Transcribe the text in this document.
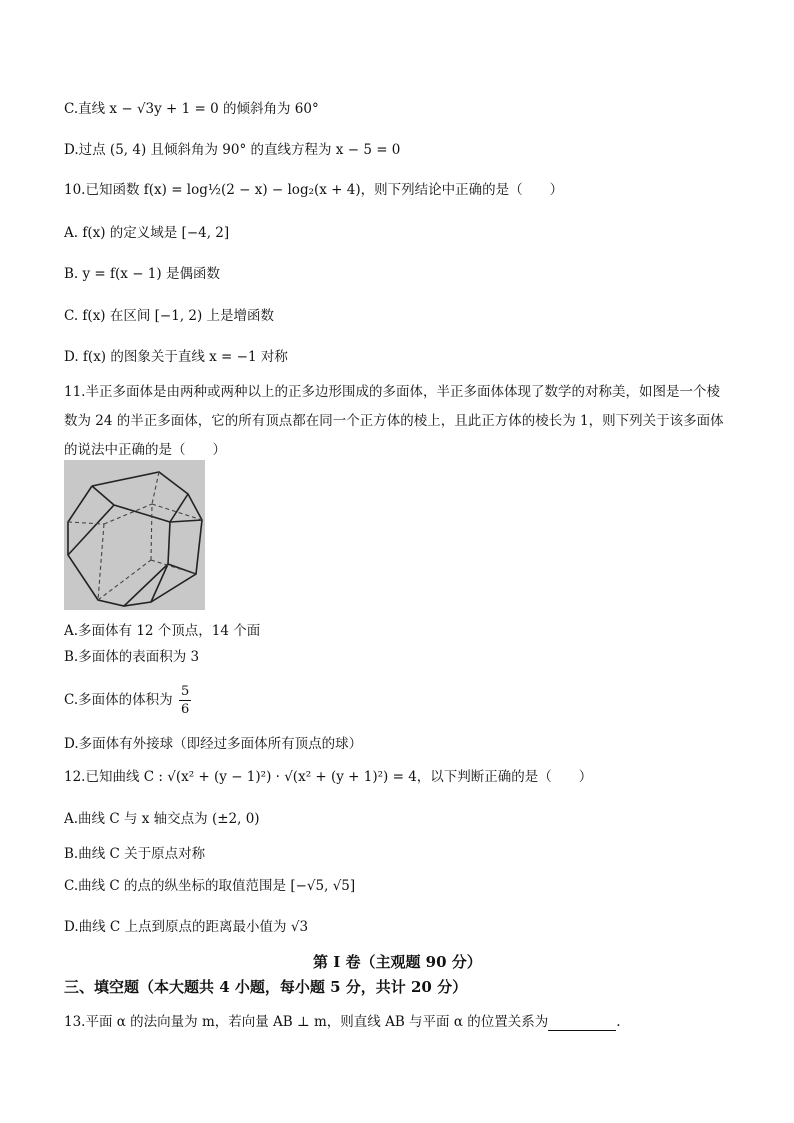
C.直线 x − √3y + 1 = 0 的倾斜角为 60°
D.过点 (5, 4) 且倾斜角为 90° 的直线方程为 x − 5 = 0
10.已知函数 f(x) = log½(2 − x) − log₂(x + 4)，则下列结论中正确的是（　　）
A. f(x) 的定义域是 [−4, 2]
B. y = f(x − 1) 是偶函数
C. f(x) 在区间 [−1, 2) 上是增函数
D. f(x) 的图象关于直线 x = −1 对称
11.半正多面体是由两种或两种以上的正多边形围成的多面体，半正多面体体现了数学的对称美，如图是一个棱数为 24 的半正多面体，它的所有顶点都在同一个正方体的棱上，且此正方体的棱长为 1，则下列关于该多面体的说法中正确的是（　　）
A.多面体有 12 个顶点，14 个面
B.多面体的表面积为 3
C.多面体的体积为 $\frac{5}{6}$
D.多面体有外接球（即经过多面体所有顶点的球）
12.已知曲线 C : √(x² + (y − 1)²) · √(x² + (y + 1)²) = 4，以下判断正确的是（　　）
A.曲线 C 与 x 轴交点为 (±2, 0)
B.曲线 C 关于原点对称
C.曲线 C 的点的纵坐标的取值范围是 [−√5, √5]
D.曲线 C 上点到原点的距离最小值为 √3
第 I 卷（主观题 90 分）
三、填空题（本大题共 4 小题，每小题 5 分，共计 20 分）
13.平面 α 的法向量为 m，若向量 AB ⊥ m，则直线 AB 与平面 α 的位置关系为	.
